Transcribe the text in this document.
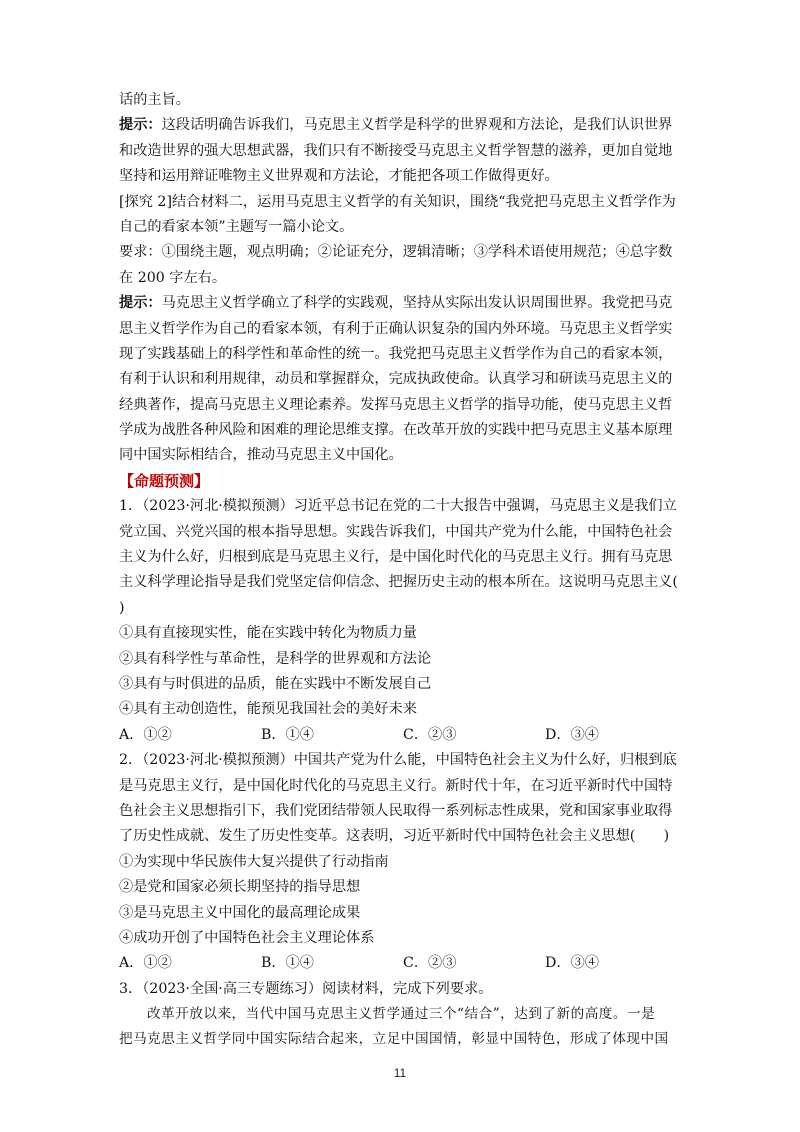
话的主旨。
提示：这段话明确告诉我们，马克思主义哲学是科学的世界观和方法论，是我们认识世界
和改造世界的强大思想武器，我们只有不断接受马克思主义哲学智慧的滋养，更加自觉地
坚持和运用辩证唯物主义世界观和方法论，才能把各项工作做得更好。
[探究 2]结合材料二，运用马克思主义哲学的有关知识，围绕“我党把马克思主义哲学作为
自己的看家本领”主题写一篇小论文。
要求：①围绕主题，观点明确；②论证充分，逻辑清晰；③学科术语使用规范；④总字数
在 200 字左右。
提示：马克思主义哲学确立了科学的实践观，坚持从实际出发认识周围世界。我党把马克
思主义哲学作为自己的看家本领，有利于正确认识复杂的国内外环境。马克思主义哲学实
现了实践基础上的科学性和革命性的统一。我党把马克思主义哲学作为自己的看家本领，
有利于认识和利用规律，动员和掌握群众，完成执政使命。认真学习和研读马克思主义的
经典著作，提高马克思主义理论素养。发挥马克思主义哲学的指导功能，使马克思主义哲
学成为战胜各种风险和困难的理论思维支撑。在改革开放的实践中把马克思主义基本原理
同中国实际相结合，推动马克思主义中国化。
【命题预测】
1．（2023·河北·模拟预测）习近平总书记在党的二十大报告中强调，马克思主义是我们立
党立国、兴党兴国的根本指导思想。实践告诉我们，中国共产党为什么能，中国特色社会
主义为什么好，归根到底是马克思主义行，是中国化时代化的马克思主义行。拥有马克思
主义科学理论指导是我们党坚定信仰信念、把握历史主动的根本所在。这说明马克思主义(
)
①具有直接现实性，能在实践中转化为物质力量
②具有科学性与革命性，是科学的世界观和方法论
③具有与时俱进的品质，能在实践中不断发展自己
④具有主动创造性，能预见我国社会的美好未来
A．①②	B．①④	C．②③	D．③④
2．（2023·河北·模拟预测）中国共产党为什么能，中国特色社会主义为什么好，归根到底
是马克思主义行，是中国化时代化的马克思主义行。新时代十年，在习近平新时代中国特
色社会主义思想指引下，我们党团结带领人民取得一系列标志性成果，党和国家事业取得
了历史性成就、发生了历史性变革。这表明，习近平新时代中国特色社会主义思想(　　)
①为实现中华民族伟大复兴提供了行动指南
②是党和国家必须长期坚持的指导思想
③是马克思主义中国化的最高理论成果
④成功开创了中国特色社会主义理论体系
A．①②	B．①④	C．②③	D．③④
3．（2023·全国·高三专题练习）阅读材料，完成下列要求。
改革开放以来，当代中国马克思主义哲学通过三个“结合”，达到了新的高度。一是
把马克思主义哲学同中国实际结合起来，立足中国国情，彰显中国特色，形成了体现中国
11
